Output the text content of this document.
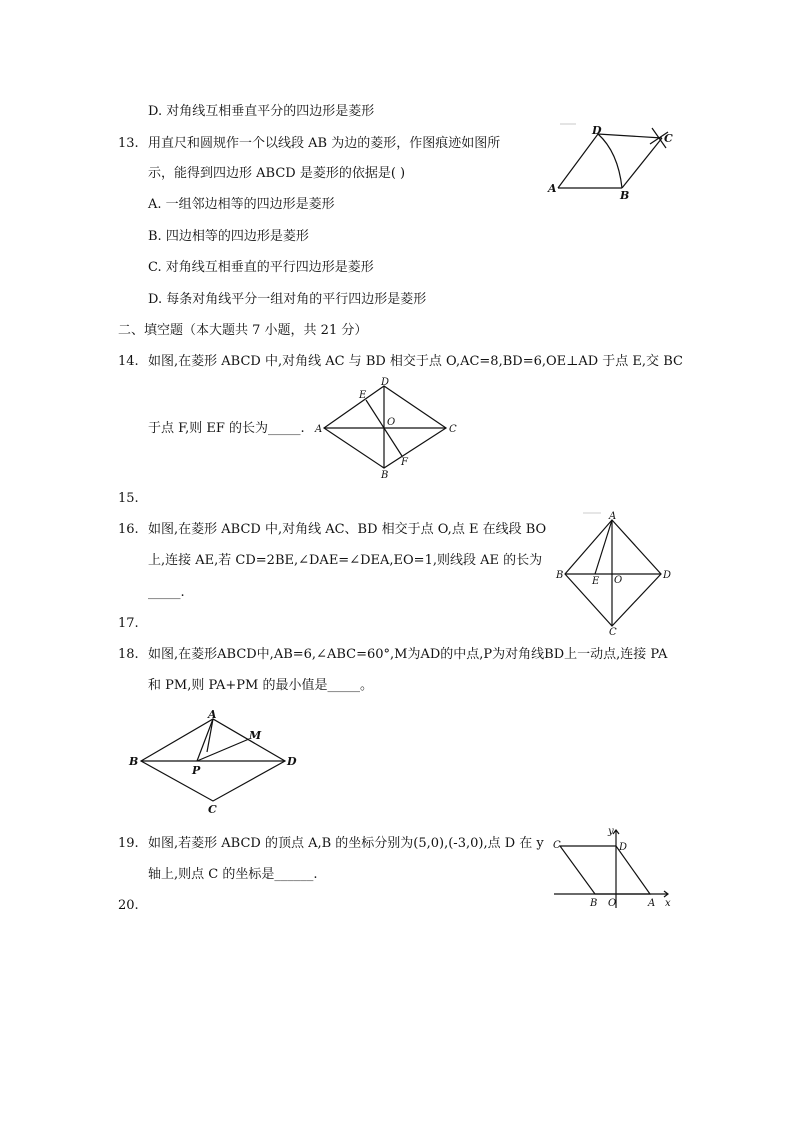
D. 对角线互相垂直平分的四边形是菱形
13. 用直尺和圆规作一个以线段 AB 为边的菱形，作图痕迹如图所
示，能得到四边形 ABCD 是菱形的依据是( )
A. 一组邻边相等的四边形是菱形
B. 四边相等的四边形是菱形
C. 对角线互相垂直的平行四边形是菱形
D. 每条对角线平分一组对角的平行四边形是菱形
A
B
C
D
二、填空题（本大题共 7 小题，共 21 分）
14. 如图,在菱形 ABCD 中,对角线 AC 与 BD 相交于点 O,AC=8,BD=6,OE⊥AD 于点 E,交 BC
于点 F,则 EF 的长为_____. A
B
C
D
E
F
O
15.
16. 如图,在菱形 ABCD 中,对角线 AC、BD 相交于点 O,点 E 在线段 BO
上,连接 AE,若 CD=2BE,∠DAE=∠DEA,EO=1,则线段 AE 的长为
_____.
A
B
C
D
E O
17.
18. 如图,在菱形ABCD中,AB=6,∠ABC=60°,M为AD的中点,P为对角线BD上一动点,连接 PA
和 PM,则 PA+PM 的最小值是_____。
A
B
C
D
M
P
19. 如图,若菱形 ABCD 的顶点 A,B 的坐标分别为(5,0),(-3,0),点 D 在 y
轴上,则点 C 的坐标是______.
A
B
C	D
O	x
y
20.
